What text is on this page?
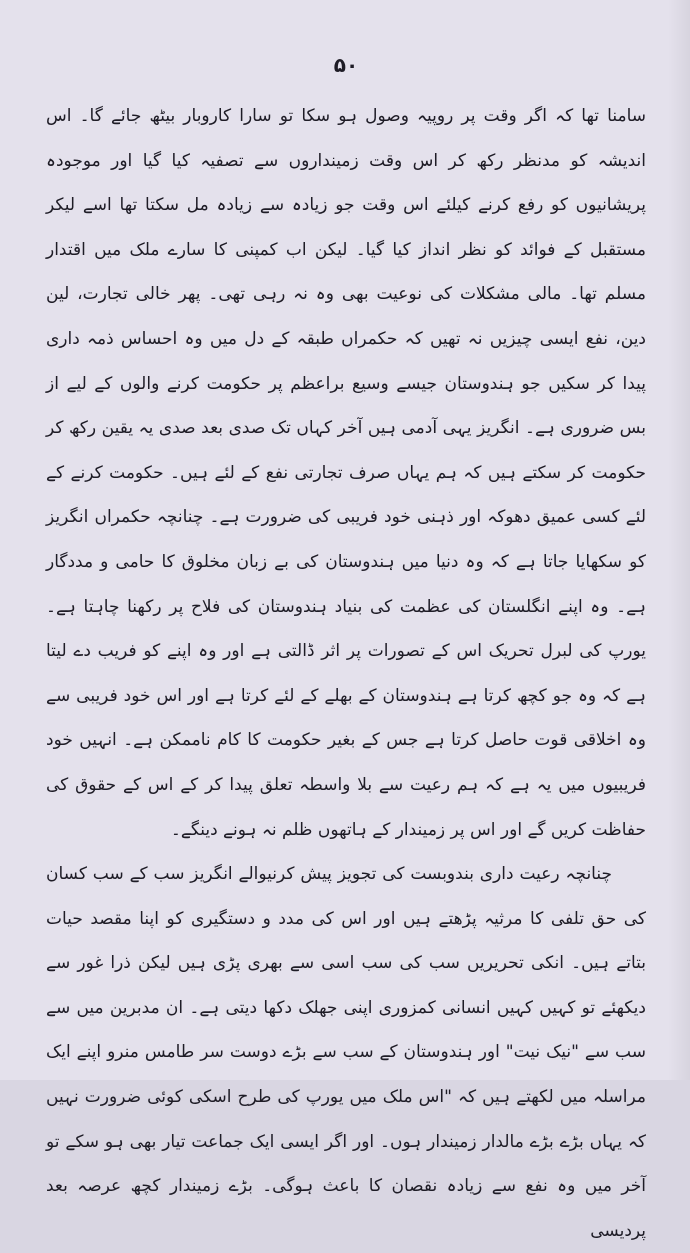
۵۰

سامنا تھا کہ اگر وقت پر روپیہ وصول ہو سکا تو سارا کاروبار بیٹھ جائے گا۔ اس اندیشہ کو مدنظر رکھ کر اس وقت زمینداروں سے تصفیہ کیا گیا اور موجودہ پریشانیوں کو رفع کرنے کیلئے اس وقت جو زیادہ سے زیادہ مل سکتا تھا اسے لیکر مستقبل کے فوائد کو نظر انداز کیا گیا۔ لیکن اب کمپنی کا سارے ملک میں اقتدار مسلم تھا۔ مالی مشکلات کی نوعیت بھی وہ نہ رہی تھی۔ پھر خالی تجارت، لین دین، نفع ایسی چیزیں نہ تھیں کہ حکمراں طبقہ کے دل میں وہ احساس ذمہ داری پیدا کر سکیں جو ہندوستان جیسے وسیع براعظم پر حکومت کرنے والوں کے لیے از بس ضروری ہے۔ انگریز یہی آدمی ہیں آخر کہاں تک صدی بعد صدی یہ یقین رکھ کر حکومت کر سکتے ہیں کہ ہم یہاں صرف تجارتی نفع کے لئے ہیں۔ حکومت کرنے کے لئے کسی عمیق دھوکہ اور ذہنی خود فریبی کی ضرورت ہے۔ چنانچہ حکمراں انگریز کو سکھایا جاتا ہے کہ وہ دنیا میں ہندوستان کی بے زبان مخلوق کا حامی و مددگار ہے۔ وہ اپنے انگلستان کی عظمت کی بنیاد ہندوستان کی فلاح پر رکھنا چاہتا ہے۔ یورپ کی لبرل تحریک اس کے تصورات پر اثر ڈالتی ہے اور وہ اپنے کو فریب دے لیتا ہے کہ وہ جو کچھ کرتا ہے ہندوستان کے بھلے کے لئے کرتا ہے اور اس خود فریبی سے وہ اخلاقی قوت حاصل کرتا ہے جس کے بغیر حکومت کا کام ناممکن ہے۔ انہیں خود فریبیوں میں یہ ہے کہ ہم رعیت سے بلا واسطہ تعلق پیدا کر کے اس کے حقوق کی حفاظت کریں گے اور اس پر زمیندار کے ہاتھوں ظلم نہ ہونے دینگے۔

چنانچہ رعیت داری بندوبست کی تجویز پیش کرنیوالے انگریز سب کے سب کسان کی حق تلفی کا مرثیہ پڑھتے ہیں اور اس کی مدد و دستگیری کو اپنا مقصد حیات بتاتے ہیں۔ انکی تحریریں سب کی سب اسی سے بھری پڑی ہیں لیکن ذرا غور سے دیکھئے تو کہیں کہیں انسانی کمزوری اپنی جھلک دکھا دیتی ہے۔ ان مدبرین میں سے سب سے "نیک نیت" اور ہندوستان کے سب سے بڑے دوست سر طامس منرو اپنے ایک مراسلہ میں لکھتے ہیں کہ "اس ملک میں یورپ کی طرح اسکی کوئی ضرورت نہیں کہ یہاں بڑے بڑے مالدار زمیندار ہوں۔ اور اگر ایسی ایک جماعت تیار بھی ہو سکے تو آخر میں وہ نفع سے زیادہ نقصان کا باعث ہوگی۔ بڑے زمیندار کچھ عرصہ بعد پردیسی
